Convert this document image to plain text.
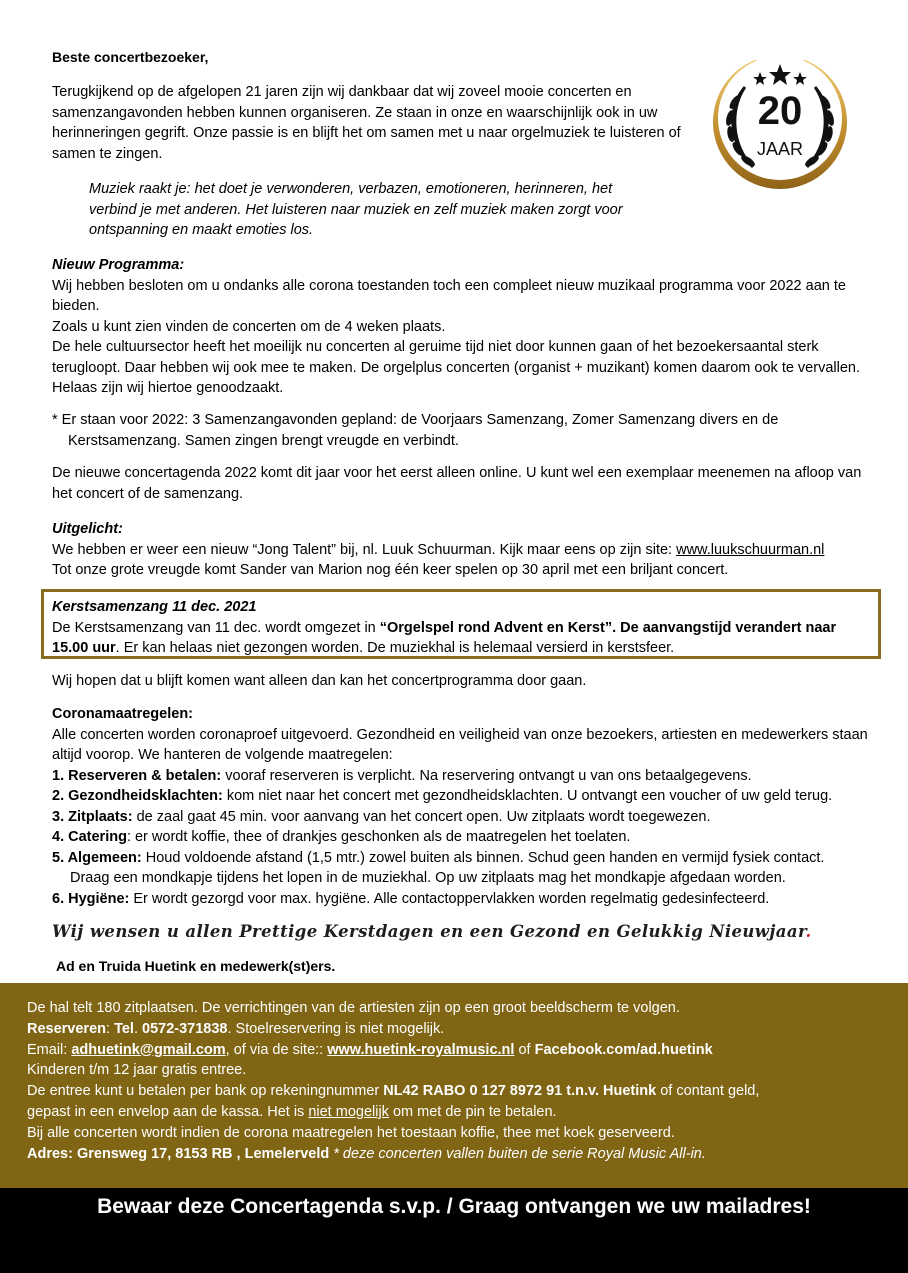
Beste concertbezoeker,

Terugkijkend op de afgelopen 21 jaren zijn wij dankbaar dat wij zoveel mooie concerten en samenzangavonden hebben kunnen organiseren. Ze staan in onze en waarschijnlijk ook in uw herinneringen gegrift. Onze passie is en blijft het om samen met u naar orgelmuziek te luisteren of samen te zingen.

20
JAAR

Muziek raakt je: het doet je verwonderen, verbazen, emotioneren, herinneren, het verbind je met anderen. Het luisteren naar muziek en zelf muziek maken zorgt voor ontspanning en maakt emoties los.

Nieuw Programma:

Wij hebben besloten om u ondanks alle corona toestanden toch een compleet nieuw muzikaal programma voor 2022 aan te bieden.

Zoals u kunt zien vinden de concerten om de 4 weken plaats.

De hele cultuursector heeft het moeilijk nu concerten al geruime tijd niet door kunnen gaan of het bezoekersaantal sterk terugloopt. Daar hebben wij ook mee te maken. De orgelplus concerten (organist + muzikant) komen daarom ook te vervallen. Helaas zijn wij hiertoe genoodzaakt.

* Er staan voor 2022: 3 Samenzangavonden gepland: de Voorjaars Samenzang, Zomer Samenzang divers en de

Kerstsamenzang. Samen zingen brengt vreugde en verbindt.

De nieuwe concertagenda 2022 komt dit jaar voor het eerst alleen online. U kunt wel een exemplaar meenemen na afloop van het concert of de samenzang.

Uitgelicht:

We hebben er weer een nieuw “Jong Talent” bij, nl. Luuk Schuurman. Kijk maar eens op zijn site: www.luukschuurman.nl

Tot onze grote vreugde komt Sander van Marion nog één keer spelen op 30 april met een briljant concert.

Kerstsamenzang 11 dec. 2021

De Kerstsamenzang van 11 dec. wordt omgezet in “Orgelspel rond Advent en Kerst”. De aanvangstijd verandert naar 15.00 uur. Er kan helaas niet gezongen worden. De muziekhal is helemaal versierd in kerstsfeer.

Wij hopen dat u blijft komen want alleen dan kan het concertprogramma door gaan.

Coronamaatregelen:

Alle concerten worden coronaproef uitgevoerd. Gezondheid en veiligheid van onze bezoekers, artiesten en medewerkers staan altijd voorop. We hanteren de volgende maatregelen:

1. Reserveren & betalen: vooraf reserveren is verplicht. Na reservering ontvangt u van ons betaalgegevens.

2. Gezondheidsklachten: kom niet naar het concert met gezondheidsklachten. U ontvangt een voucher of uw geld terug.

3. Zitplaats: de zaal gaat 45 min. voor aanvang van het concert open. Uw zitplaats wordt toegewezen.

4. Catering: er wordt koffie, thee of drankjes geschonken als de maatregelen het toelaten.

5. Algemeen: Houd voldoende afstand (1,5 mtr.) zowel buiten als binnen. Schud geen handen en vermijd fysiek contact.

Draag een mondkapje tijdens het lopen in de muziekhal. Op uw zitplaats mag het mondkapje afgedaan worden.

6. Hygiëne: Er wordt gezorgd voor max. hygiëne. Alle contactoppervlakken worden regelmatig gedesinfecteerd.

Wij wensen u allen Prettige Kerstdagen en een Gezond en Gelukkig Nieuwjaar.

Ad en Truida Huetink en medewerk(st)ers.

De hal telt 180 zitplaatsen. De verrichtingen van de artiesten zijn op een groot beeldscherm te volgen.

Reserveren: Tel. 0572-371838. Stoelreservering is niet mogelijk.

Email: adhuetink@gmail.com, of via de site:: www.huetink-royalmusic.nl of Facebook.com/ad.huetink

Kinderen t/m 12 jaar gratis entree.

De entree kunt u betalen per bank op rekeningnummer NL42 RABO 0 127 8972 91 t.n.v. Huetink of contant geld,

gepast in een envelop aan de kassa. Het is niet mogelijk om met de pin te betalen.

Bij alle concerten wordt indien de corona maatregelen het toestaan koffie, thee met koek geserveerd.

Adres: Grensweg 17, 8153 RB , Lemelerveld * deze concerten vallen buiten de serie Royal Music All-in.

Bewaar deze Concertagenda s.v.p. / Graag ontvangen we uw mailadres!
